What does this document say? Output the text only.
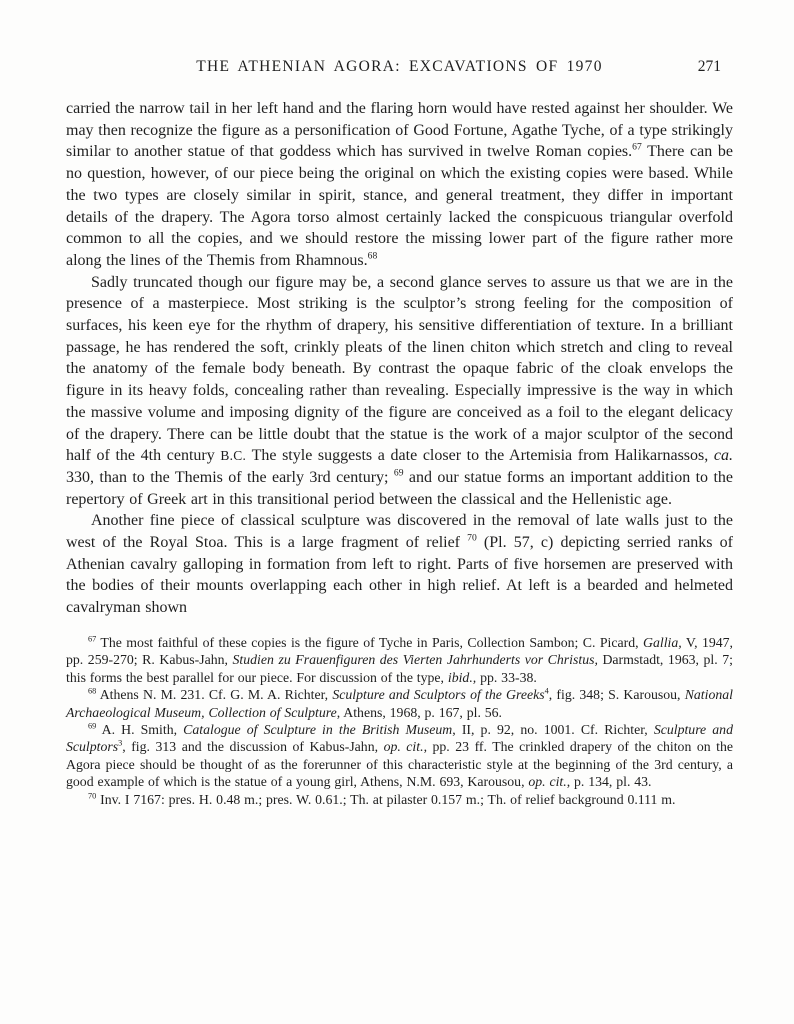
THE ATHENIAN AGORA: EXCAVATIONS OF 1970	271

carried the narrow tail in her left hand and the flaring horn would have rested against her shoulder. We may then recognize the figure as a personification of Good Fortune, Agathe Tyche, of a type strikingly similar to another statue of that goddess which has survived in twelve Roman copies.$^{67}$ There can be no question, however, of our piece being the original on which the existing copies were based. While the two types are closely similar in spirit, stance, and general treatment, they differ in important details of the drapery. The Agora torso almost certainly lacked the conspicuous triangular overfold common to all the copies, and we should restore the missing lower part of the figure rather more along the lines of the Themis from Rhamnous.$^{68}$

Sadly truncated though our figure may be, a second glance serves to assure us that we are in the presence of a masterpiece. Most striking is the sculptor’s strong feeling for the composition of surfaces, his keen eye for the rhythm of drapery, his sensitive differentiation of texture. In a brilliant passage, he has rendered the soft, crinkly pleats of the linen chiton which stretch and cling to reveal the anatomy of the female body beneath. By contrast the opaque fabric of the cloak envelops the figure in its heavy folds, concealing rather than revealing. Especially impressive is the way in which the massive volume and imposing dignity of the figure are conceived as a foil to the elegant delicacy of the drapery. There can be little doubt that the statue is the work of a major sculptor of the second half of the 4th century B.C. The style suggests a date closer to the Artemisia from Halikarnassos, ca. 330, than to the Themis of the early 3rd century; $^{69}$ and our statue forms an important addition to the repertory of Greek art in this transitional period between the classical and the Hellenistic age.

Another fine piece of classical sculpture was discovered in the removal of late walls just to the west of the Royal Stoa. This is a large fragment of relief $^{70}$ (Pl. 57, c) depicting serried ranks of Athenian cavalry galloping in formation from left to right. Parts of five horsemen are preserved with the bodies of their mounts overlapping each other in high relief. At left is a bearded and helmeted cavalryman shown

$^{67}$ The most faithful of these copies is the figure of Tyche in Paris, Collection Sambon; C. Picard, Gallia, V, 1947, pp. 259-270; R. Kabus-Jahn, Studien zu Frauenfiguren des Vierten Jahrhunderts vor Christus, Darmstadt, 1963, pl. 7; this forms the best parallel for our piece. For discussion of the type, ibid., pp. 33-38.

$^{68}$ Athens N. M. 231. Cf. G. M. A. Richter, Sculpture and Sculptors of the Greeks$^4$, fig. 348; S. Karousou, National Archaeological Museum, Collection of Sculpture, Athens, 1968, p. 167, pl. 56.

$^{69}$ A. H. Smith, Catalogue of Sculpture in the British Museum, II, p. 92, no. 1001. Cf. Richter, Sculpture and Sculptors$^3$, fig. 313 and the discussion of Kabus-Jahn, op. cit., pp. 23 ff. The crinkled drapery of the chiton on the Agora piece should be thought of as the forerunner of this characteristic style at the beginning of the 3rd century, a good example of which is the statue of a young girl, Athens, N.M. 693, Karousou, op. cit., p. 134, pl. 43.

$^{70}$ Inv. I 7167: pres. H. 0.48 m.; pres. W. 0.61.; Th. at pilaster 0.157 m.; Th. of relief background 0.111 m.
